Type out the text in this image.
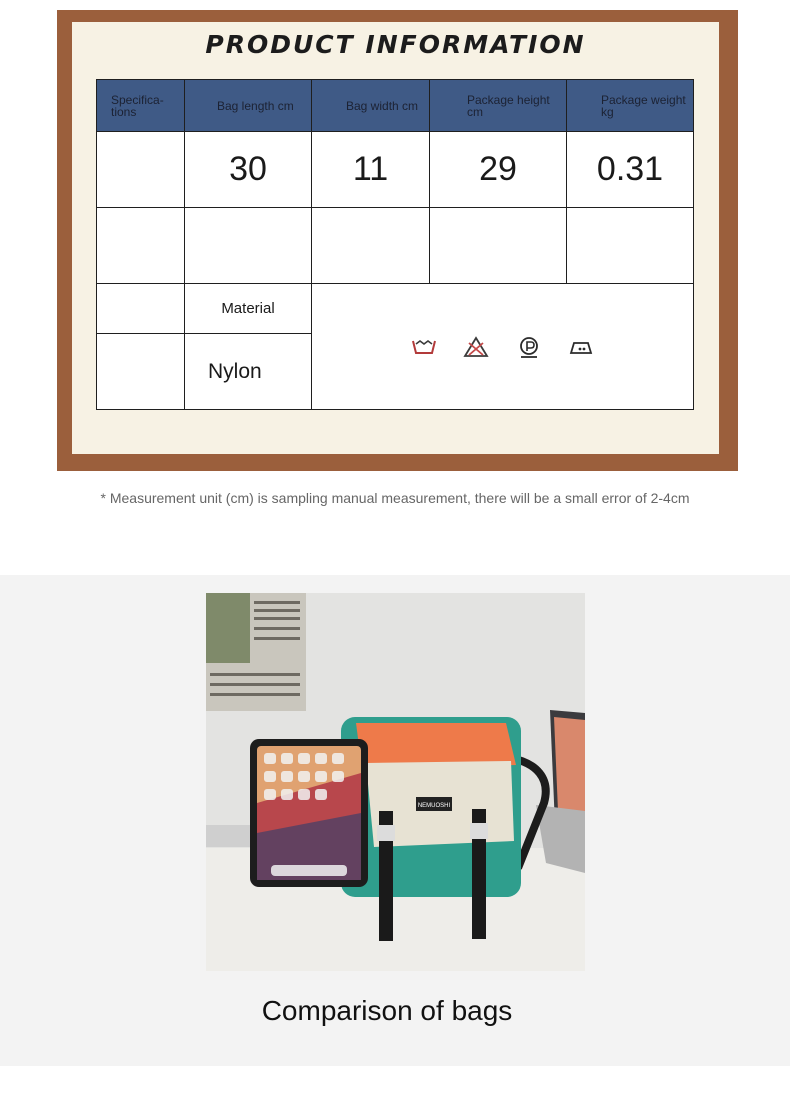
PRODUCT INFORMATION
Specifica-tions	Bag length cm	Bag width cm	Package height cm	Package weight kg
	30	11	29	0.31

	Material	
	Nylon			
* Measurement unit (cm) is sampling manual measurement, there will be a small error of 2-4cm
NEMUOSHI
Comparison of bags
